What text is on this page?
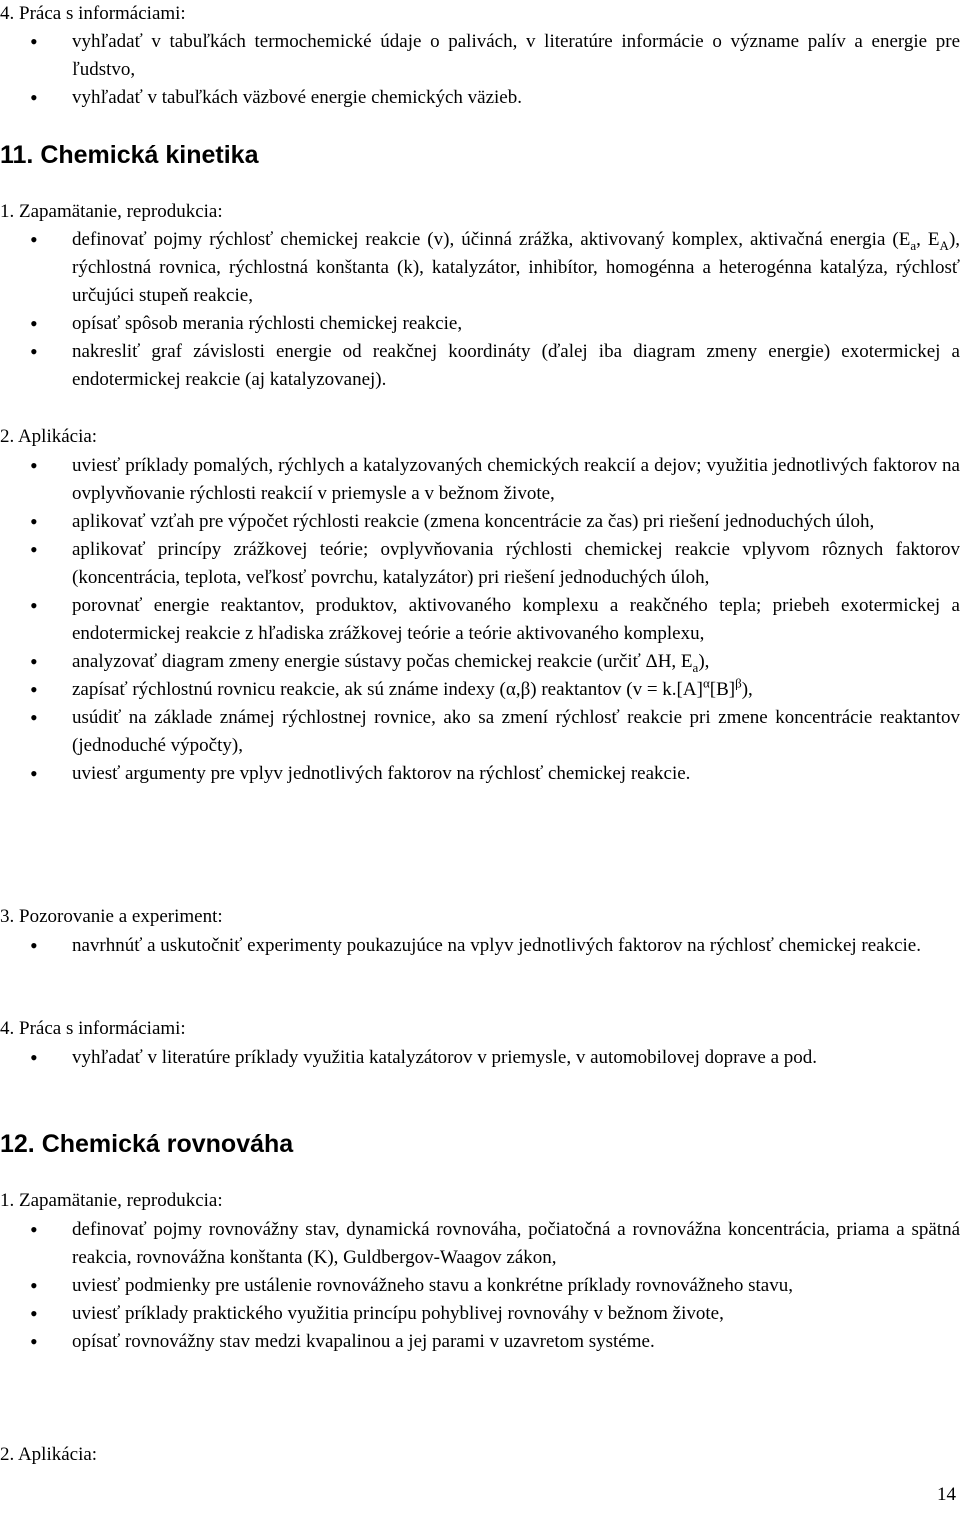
4. Práca s informáciami:

• vyhľadať v tabuľkách termochemické údaje o palivách, v literatúre informácie o význame palív a energie pre ľudstvo,
• vyhľadať v tabuľkách väzbové energie chemických väzieb.
11. Chemická kinetika

1. Zapamätanie, reprodukcia:

• definovať pojmy rýchlosť chemickej reakcie (v), účinná zrážka, aktivovaný komplex, aktivačná energia ($E_a$, $E_A$), rýchlostná rovnica, rýchlostná konštanta (k), katalyzátor, inhibítor, homogénna a heterogénna katalýza, rýchlosť určujúci stupeň reakcie,
• opísať spôsob merania rýchlosti chemickej reakcie,
• nakresliť graf závislosti energie od reakčnej koordináty (ďalej iba diagram zmeny energie) exotermickej a endotermickej reakcie (aj katalyzovanej).

2. Aplikácia:

• uviesť príklady pomalých, rýchlych a katalyzovaných chemických reakcií a dejov; využitia jednotlivých faktorov na ovplyvňovanie rýchlosti reakcií v priemysle a v bežnom živote,
• aplikovať vzťah pre výpočet rýchlosti reakcie (zmena koncentrácie za čas) pri riešení jednoduchých úloh,
• aplikovať princípy zrážkovej teórie; ovplyvňovania rýchlosti chemickej reakcie vplyvom rôznych faktorov (koncentrácia, teplota, veľkosť povrchu, katalyzátor) pri riešení jednoduchých úloh,
• porovnať energie reaktantov, produktov, aktivovaného komplexu a reakčného tepla; priebeh exotermickej a endotermickej reakcie z hľadiska zrážkovej teórie a teórie aktivovaného komplexu,
• analyzovať diagram zmeny energie sústavy počas chemickej reakcie (určiť ΔH, $E_a$),
• zapísať rýchlostnú rovnicu reakcie, ak sú známe indexy (α,β) reaktantov $(v = k.[A]^\alpha[B]^\beta)$,
• usúdiť na základe známej rýchlostnej rovnice, ako sa zmení rýchlosť reakcie pri zmene koncentrácie reaktantov (jednoduché výpočty),
• uviesť argumenty pre vplyv jednotlivých faktorov na rýchlosť chemickej reakcie.

3. Pozorovanie a experiment:

• navrhnúť a uskutočniť experimenty poukazujúce na vplyv jednotlivých faktorov na rýchlosť chemickej reakcie.

4. Práca s informáciami:

• vyhľadať v literatúre príklady využitia katalyzátorov v priemysle, v automobilovej doprave a pod.
12. Chemická rovnováha

1. Zapamätanie, reprodukcia:

• definovať pojmy rovnovážny stav, dynamická rovnováha, počiatočná a rovnovážna koncentrácia, priama a spätná reakcia, rovnovážna konštanta (K), Guldbergov-Waagov zákon,
• uviesť podmienky pre ustálenie rovnovážneho stavu a konkrétne príklady rovnovážneho stavu,
• uviesť príklady praktického využitia princípu pohyblivej rovnováhy v bežnom živote,
• opísať rovnovážny stav medzi kvapalinou a jej parami v uzavretom systéme.

2. Aplikácia:

14
